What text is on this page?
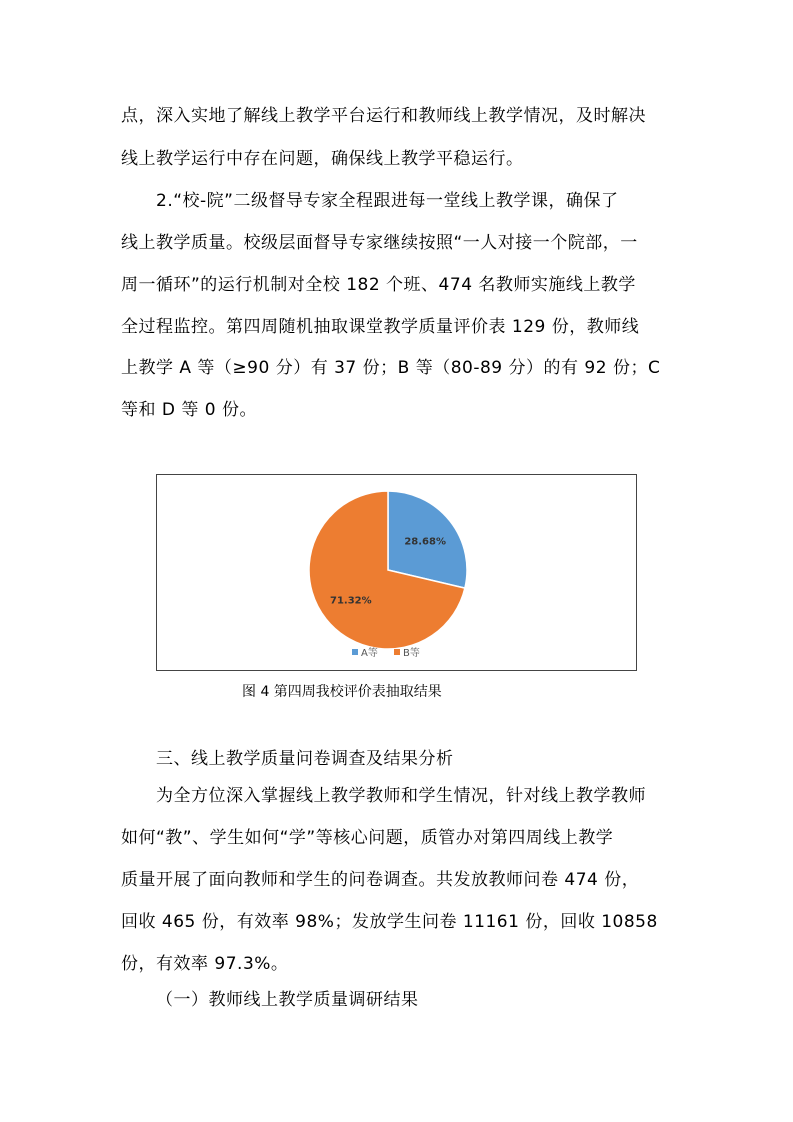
点，深入实地了解线上教学平台运行和教师线上教学情况，及时解决
线上教学运行中存在问题，确保线上教学平稳运行。
2.“校-院”二级督导专家全程跟进每一堂线上教学课，确保了
线上教学质量。校级层面督导专家继续按照“一人对接一个院部，一
周一循环”的运行机制对全校 182 个班、474 名教师实施线上教学
全过程监控。第四周随机抽取课堂教学质量评价表 129 份，教师线
上教学 A 等（≥90 分）有 37 份；B 等（80-89 分）的有 92 份；C
等和 D 等 0 份。
28.68%
71.32%
A等	B等
图 4 第四周我校评价表抽取结果
三、线上教学质量问卷调查及结果分析
为全方位深入掌握线上教学教师和学生情况，针对线上教学教师
如何“教”、学生如何“学”等核心问题，质管办对第四周线上教学
质量开展了面向教师和学生的问卷调查。共发放教师问卷 474 份，
回收 465 份，有效率 98%；发放学生问卷 11161 份，回收 10858
份，有效率 97.3%。
（一）教师线上教学质量调研结果
